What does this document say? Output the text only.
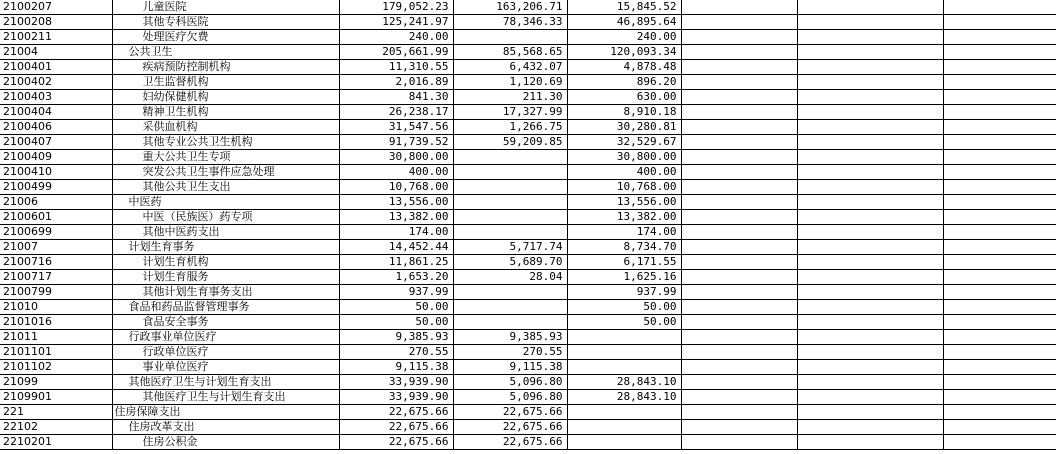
2100207	儿童医院	179,052.23	163,206.71	15,845.52			
2100208	其他专科医院	125,241.97	78,346.33	46,895.64			
2100211	处理医疗欠费	240.00		240.00			
21004	公共卫生	205,661.99	85,568.65	120,093.34			
2100401	疾病预防控制机构	11,310.55	6,432.07	4,878.48			
2100402	卫生监督机构	2,016.89	1,120.69	896.20			
2100403	妇幼保健机构	841.30	211.30	630.00			
2100404	精神卫生机构	26,238.17	17,327.99	8,910.18			
2100406	采供血机构	31,547.56	1,266.75	30,280.81			
2100407	其他专业公共卫生机构	91,739.52	59,209.85	32,529.67			
2100409	重大公共卫生专项	30,800.00		30,800.00			
2100410	突发公共卫生事件应急处理	400.00		400.00			
2100499	其他公共卫生支出	10,768.00		10,768.00			
21006	中医药	13,556.00		13,556.00			
2100601	中医（民族医）药专项	13,382.00		13,382.00			
2100699	其他中医药支出	174.00		174.00			
21007	计划生育事务	14,452.44	5,717.74	8,734.70			
2100716	计划生育机构	11,861.25	5,689.70	6,171.55			
2100717	计划生育服务	1,653.20	28.04	1,625.16			
2100799	其他计划生育事务支出	937.99		937.99			
21010	食品和药品监督管理事务	50.00		50.00			
2101016	食品安全事务	50.00		50.00			
21011	行政事业单位医疗	9,385.93	9,385.93				
2101101	行政单位医疗	270.55	270.55				
2101102	事业单位医疗	9,115.38	9,115.38				
21099	其他医疗卫生与计划生育支出	33,939.90	5,096.80	28,843.10			
2109901	其他医疗卫生与计划生育支出	33,939.90	5,096.80	28,843.10			
221	住房保障支出	22,675.66	22,675.66				
22102	住房改革支出	22,675.66	22,675.66				
2210201	住房公积金	22,675.66	22,675.66				
